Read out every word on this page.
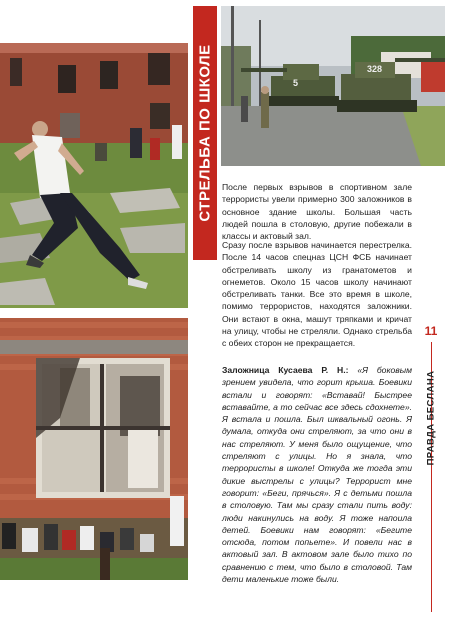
5
328
СТРЕЛЬБА ПО ШКОЛЕ После первых взрывов в спортивном зале террористы увели примерно 300 заложников в основное здание школы. Большая часть людей пошла в столовую, другие побежали в классы и актовый зал.

Сразу после взрывов начинается перестрелка. После 14 часов спецназ ЦСН ФСБ начинает обстреливать школу из гранатометов и огнеметов. Около 15 часов школу начинают обстреливать танки. Все это время в школе, помимо террористов, находятся заложники. Они встают в окна, машут тряпками и кричат на улицу, чтобы не стреляли. Однако стрельба с обеих сторон не прекращается.

Заложница Кусаева Р. Н.: «Я боковым зрением увидела, что горит крыша. Боевики встали и говорят: «Вставай! Быстрее вставайте, а то сейчас все здесь сдохнете». Я встала и пошла. Был шквальный огонь. Я думала, откуда они стреляют, за что они в нас стреляют. У меня было ощущение, что стреляют с улицы. Но я знала, что террористы в школе! Откуда же тогда эти дикие выстрелы с улицы? Террорист мне говорит: «Беги, прячься». Я с детьми пошла в столовую. Там мы сразу стали пить воду: люди накинулись на воду. Я тоже напоила детей. Боевики нам говорят: «Бегите отсюда, потом попьете». И повели нас в актовый зал. В актовом зале было тихо по сравнению с тем, что было в столовой. Там дети маленькие тоже были.

11
ПРАВДА БЕСЛАНА
